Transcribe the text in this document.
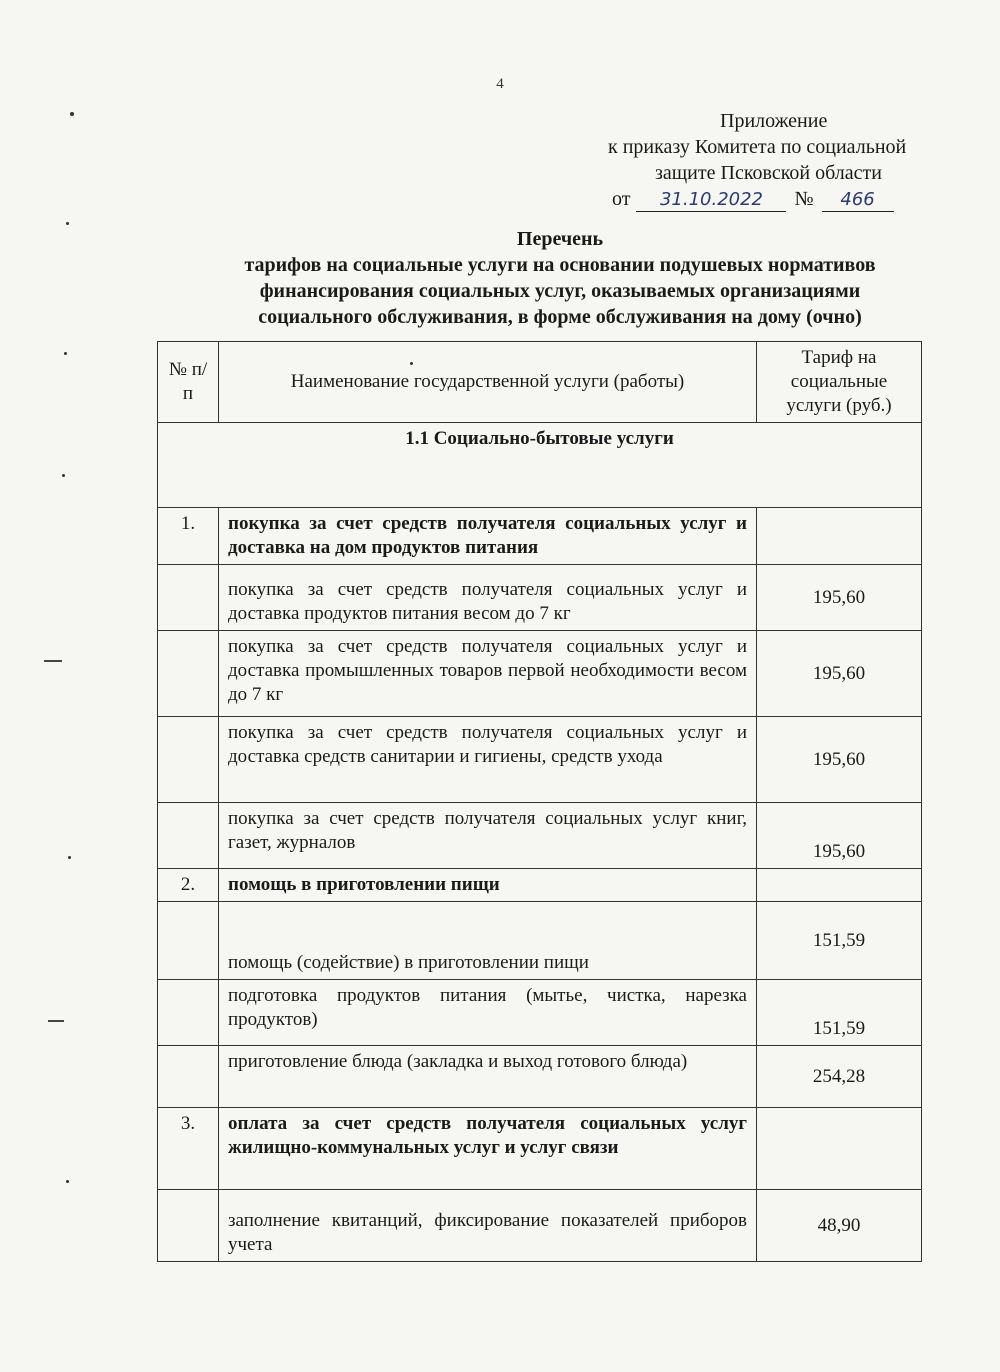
4
Приложение
к приказу Комитета по социальной
защите Псковской области
от 31.10.2022 № 466
Перечень
тарифов на социальные услуги на основании подушевых нормативов
финансирования социальных услуг, оказываемых организациями
социального обслуживания, в форме обслуживания на дому (очно)
№ п/п	Наименование государственной услуги (работы)	Тариф на социальные услуги (руб.)
1.1 Социально-бытовые услуги		
1.	покупка за счет средств получателя социальных услуг и доставка на дом продуктов питания	
	покупка за счет средств получателя социальных услуг и доставка продуктов питания весом до 7 кг	195,60
	покупка за счет средств получателя социальных услуг и доставка промышленных товаров первой необходимости весом до 7 кг	195,60
	покупка за счет средств получателя социальных услуг и доставка средств санитарии и гигиены, средств ухода	195,60
	покупка за счет средств получателя социальных услуг книг, газет, журналов	195,60
2.	помощь в приготовлении пищи	
	помощь (содействие) в приготовлении пищи	151,59
	подготовка продуктов питания (мытье, чистка, нарезка продуктов)	151,59
	приготовление блюда (закладка и выход готового блюда)	254,28
3.	оплата за счет средств получателя социальных услуг жилищно-коммунальных услуг и услуг связи	
	заполнение квитанций, фиксирование показателей приборов учета	48,90
